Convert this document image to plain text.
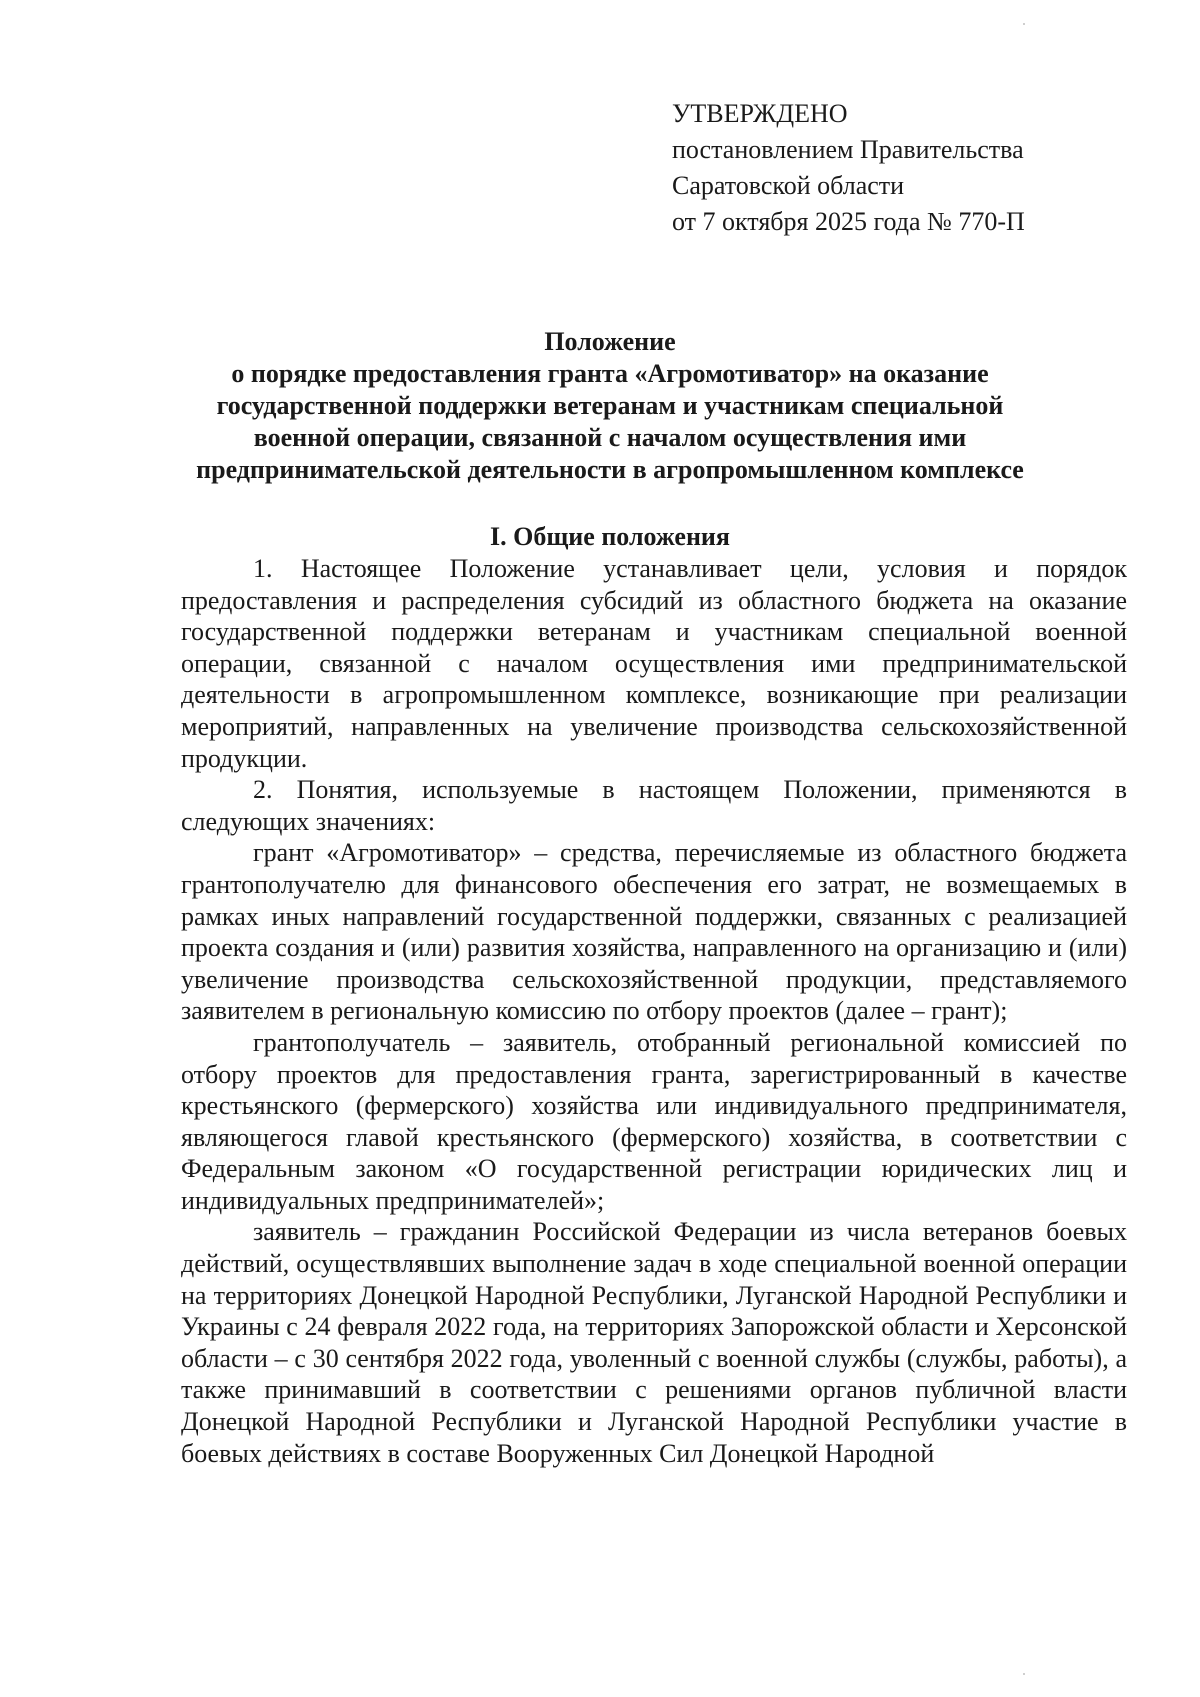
УТВЕРЖДЕНО
постановлением Правительства
Саратовской области
от 7 октября 2025 года № 770-П
Положение
о порядке предоставления гранта «Агромотиватор» на оказание
государственной поддержки ветеранам и участникам специальной
военной операции, связанной с началом осуществления ими
предпринимательской деятельности в агропромышленном комплексе
I. Общие положения

1. Настоящее Положение устанавливает цели, условия и порядок предоставления и распределения субсидий из областного бюджета на оказание государственной поддержки ветеранам и участникам специальной военной операции, связанной с началом осуществления ими предпринимательской деятельности в агропромышленном комплексе, возникающие при реализации мероприятий, направленных на увеличение производства сельскохозяйственной продукции.

2. Понятия, используемые в настоящем Положении, применяются в следующих значениях:

грант «Агромотиватор» – средства, перечисляемые из областного бюджета грантополучателю для финансового обеспечения его затрат, не возмещаемых в рамках иных направлений государственной поддержки, связанных с реализацией проекта создания и (или) развития хозяйства, направленного на организацию и (или) увеличение производства сельскохозяйственной продукции, представляемого заявителем в региональную комиссию по отбору проектов (далее – грант);

грантополучатель – заявитель, отобранный региональной комиссией по отбору проектов для предоставления гранта, зарегистрированный в качестве крестьянского (фермерского) хозяйства или индивидуального предпринимателя, являющегося главой крестьянского (фермерского) хозяйства, в соответствии с Федеральным законом «О государственной регистрации юридических лиц и индивидуальных предпринимателей»;

заявитель – гражданин Российской Федерации из числа ветеранов боевых действий, осуществлявших выполнение задач в ходе специальной военной операции на территориях Донецкой Народной Республики, Луганской Народной Республики и Украины с 24 февраля 2022 года, на территориях Запорожской области и Херсонской области – с 30 сентября 2022 года, уволенный с военной службы (службы, работы), а также принимавший в соответствии с решениями органов публичной власти Донецкой Народной Республики и Луганской Народной Республики участие в боевых действиях в составе Вооруженных Сил Донецкой Народной
